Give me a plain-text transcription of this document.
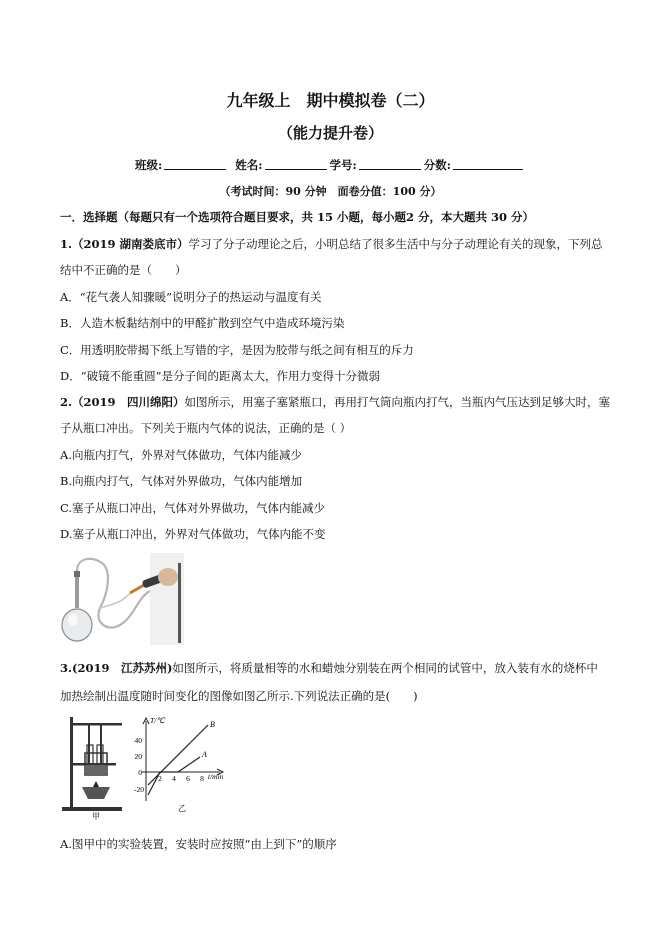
九年级上　期中模拟卷（二）
（能力提升卷）
班级:	姓名:	学号:	分数:
（考试时间：90 分钟　面卷分值：100 分）
一．选择题（每题只有一个选项符合题目要求，共 15 小题，每小题2 分，本大题共 30 分）
1.（2019 湖南娄底市）学习了分子动理论之后，小明总结了很多生活中与分子动理论有关的现象，下列总
结中不正确的是（　　）
A．“花气袭人知骤暖”说明分子的热运动与温度有关
B．人造木板黏结剂中的甲醛扩散到空气中造成环境污染
C．用透明胶带揭下纸上写错的字，是因为胶带与纸之间有相互的斥力
D．“破镜不能重圆”是分子间的距离太大，作用力变得十分微弱
2.（2019　四川绵阳）如图所示，用塞子塞紧瓶口，再用打气筒向瓶内打气，当瓶内气压达到足够大时，塞
子从瓶口冲出。下列关于瓶内气体的说法，正确的是（ ）
A.向瓶内打气，外界对气体做功，气体内能减少
B.向瓶内打气，气体对外界做功，气体内能增加
C.塞子从瓶口冲出，气体对外界做功，气体内能减少
D.塞子从瓶口冲出，外界对气体做功，气体内能不变
3.(2019　江苏苏州)如图所示，将质量相等的水和蜡烛分别装在两个相同的试管中，放入装有水的烧杯中
加热绘制出温度随时间变化的图像如图乙所示.下列说法正确的是(　　)
甲
T/℃
40
20
0
-20
2 4 6 8 t/min
B
A
乙
A.图甲中的实验装置，安装时应按照“由上到下”的顺序
